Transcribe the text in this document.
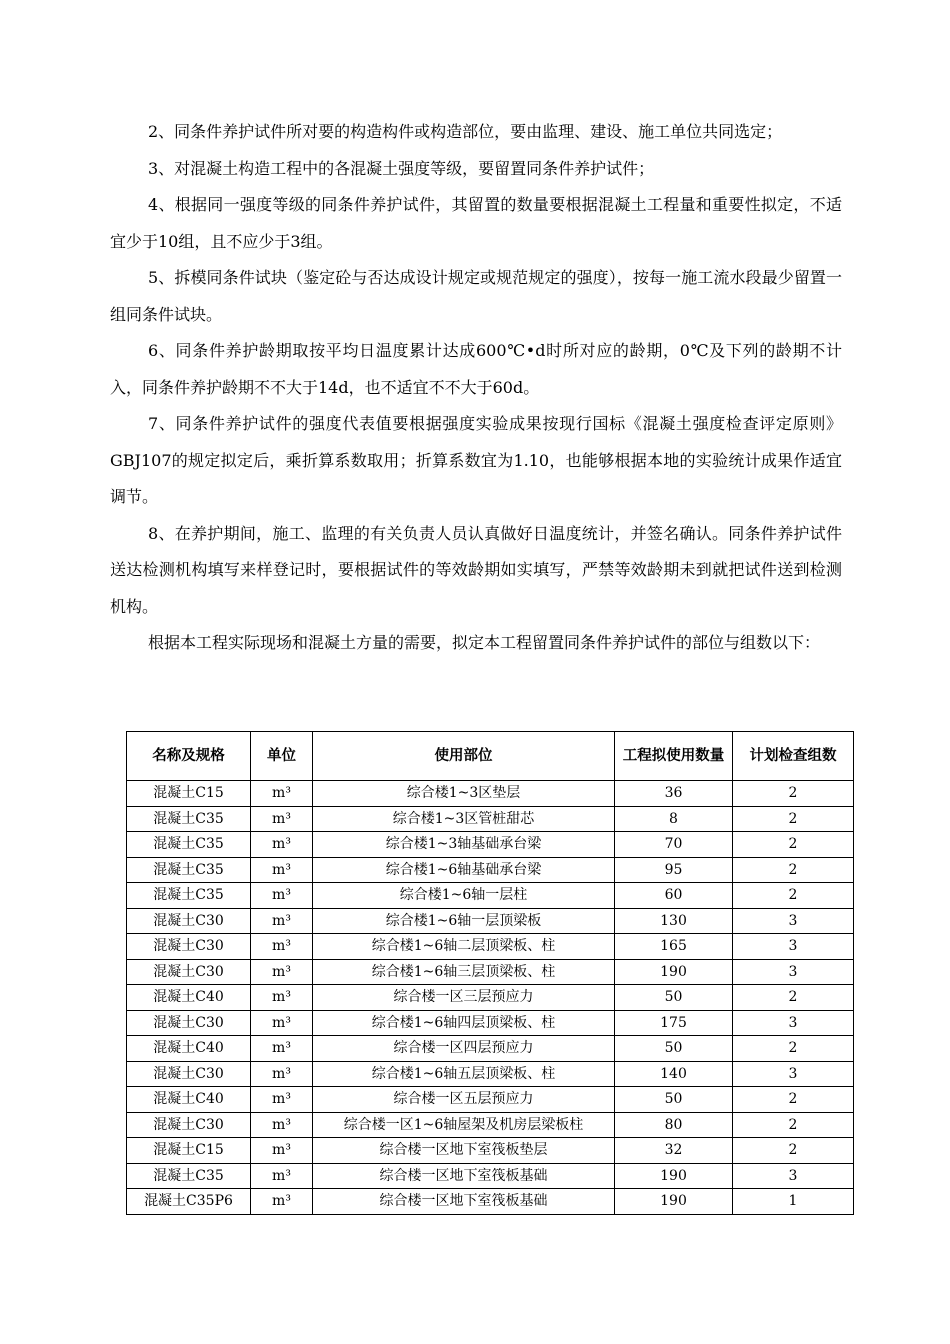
2、同条件养护试件所对要的构造构件或构造部位，要由监理、建设、施工单位共同选定；

3、对混凝土构造工程中的各混凝土强度等级，要留置同条件养护试件；

4、根据同一强度等级的同条件养护试件，其留置的数量要根据混凝土工程量和重要性拟定，不适宜少于10组，且不应少于3组。

5、拆模同条件试块（鉴定砼与否达成设计规定或规范规定的强度），按每一施工流水段最少留置一组同条件试块。

6、同条件养护龄期取按平均日温度累计达成600℃•d时所对应的龄期，0℃及下列的龄期不计入，同条件养护龄期不不大于14d，也不适宜不不大于60d。

7、同条件养护试件的强度代表值要根据强度实验成果按现行国标《混凝土强度检查评定原则》GBJ107的规定拟定后，乘折算系数取用；折算系数宜为1.10，也能够根据本地的实验统计成果作适宜调节。

8、在养护期间，施工、监理的有关负责人员认真做好日温度统计，并签名确认。同条件养护试件送达检测机构填写来样登记时，要根据试件的等效龄期如实填写，严禁等效龄期未到就把试件送到检测机构。

根据本工程实际现场和混凝土方量的需要，拟定本工程留置同条件养护试件的部位与组数以下：

名称及规格	单位	使用部位	工程拟使用数量	计划检查组数
混凝土C15	m³	综合楼1~3区垫层	36	2
混凝土C35	m³	综合楼1~3区管桩甜芯	8	2
混凝土C35	m³	综合楼1~3轴基础承台梁	70	2
混凝土C35	m³	综合楼1~6轴基础承台梁	95	2
混凝土C35	m³	综合楼1~6轴一层柱	60	2
混凝土C30	m³	综合楼1~6轴一层顶梁板	130	3
混凝土C30	m³	综合楼1~6轴二层顶梁板、柱	165	3
混凝土C30	m³	综合楼1~6轴三层顶梁板、柱	190	3
混凝土C40	m³	综合楼一区三层预应力	50	2
混凝土C30	m³	综合楼1~6轴四层顶梁板、柱	175	3
混凝土C40	m³	综合楼一区四层预应力	50	2
混凝土C30	m³	综合楼1~6轴五层顶梁板、柱	140	3
混凝土C40	m³	综合楼一区五层预应力	50	2
混凝土C30	m³	综合楼一区1~6轴屋架及机房层梁板柱	80	2
混凝土C15	m³	综合楼一区地下室筏板垫层	32	2
混凝土C35	m³	综合楼一区地下室筏板基础	190	3
混凝土C35P6	m³	综合楼一区地下室筏板基础	190	1
